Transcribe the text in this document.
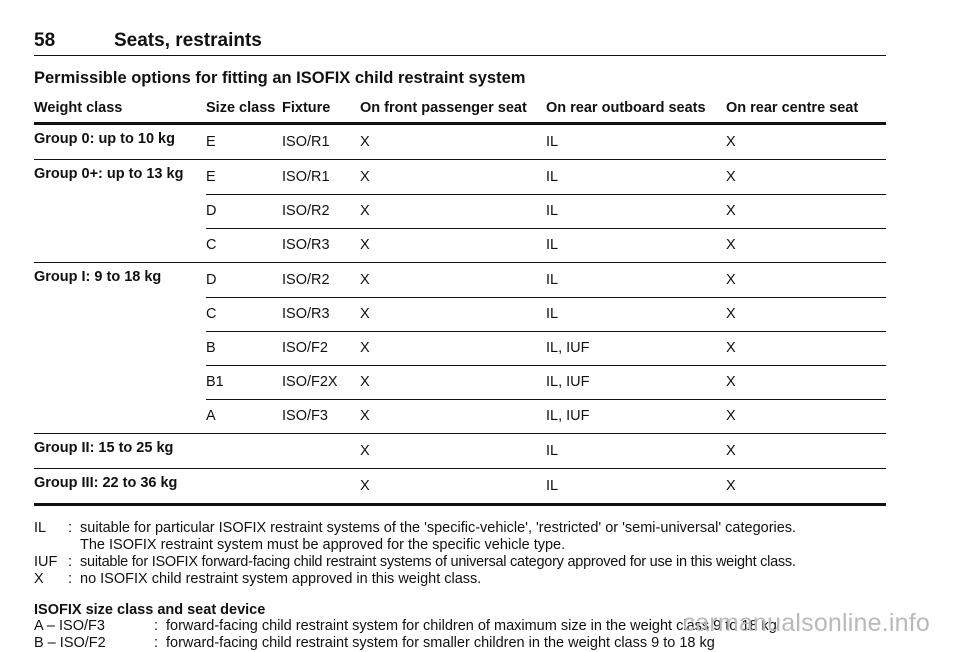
58	Seats, restraints
Permissible options for fitting an ISOFIX child restraint system
Weight class	Size class	Fixture	On front passenger seat	On rear outboard seats	On rear centre seat
Group 0: up to 10 kg	E	ISO/R1	X	IL	X
Group 0+: up to 13 kg	E	ISO/R1	X	IL	X
	D	ISO/R2	X	IL	X
	C	ISO/R3	X	IL	X
Group I: 9 to 18 kg	D	ISO/R2	X	IL	X
	C	ISO/R3	X	IL	X
	B	ISO/F2	X	IL, IUF	X
	B1	ISO/F2X	X	IL, IUF	X
	A	ISO/F3	X	IL, IUF	X
Group II: 15 to 25 kg			X	IL	X
Group III: 22 to 36 kg			X	IL	X
IL	: suitable for particular ISOFIX restraint systems of the 'specific-vehicle', 'restricted' or 'semi-universal' categories.
The ISOFIX restraint system must be approved for the specific vehicle type.
IUF : suitable for ISOFIX forward-facing child restraint systems of universal category approved for use in this weight class.
X	: no ISOFIX child restraint system approved in this weight class.
ISOFIX size class and seat device
A – ISO/F3	: forward-facing child restraint system for children of maximum size in the weight class 9 to 18 kg
B – ISO/F2	: forward-facing child restraint system for smaller children in the weight class 9 to 18 kg
carmanualsonline.info
